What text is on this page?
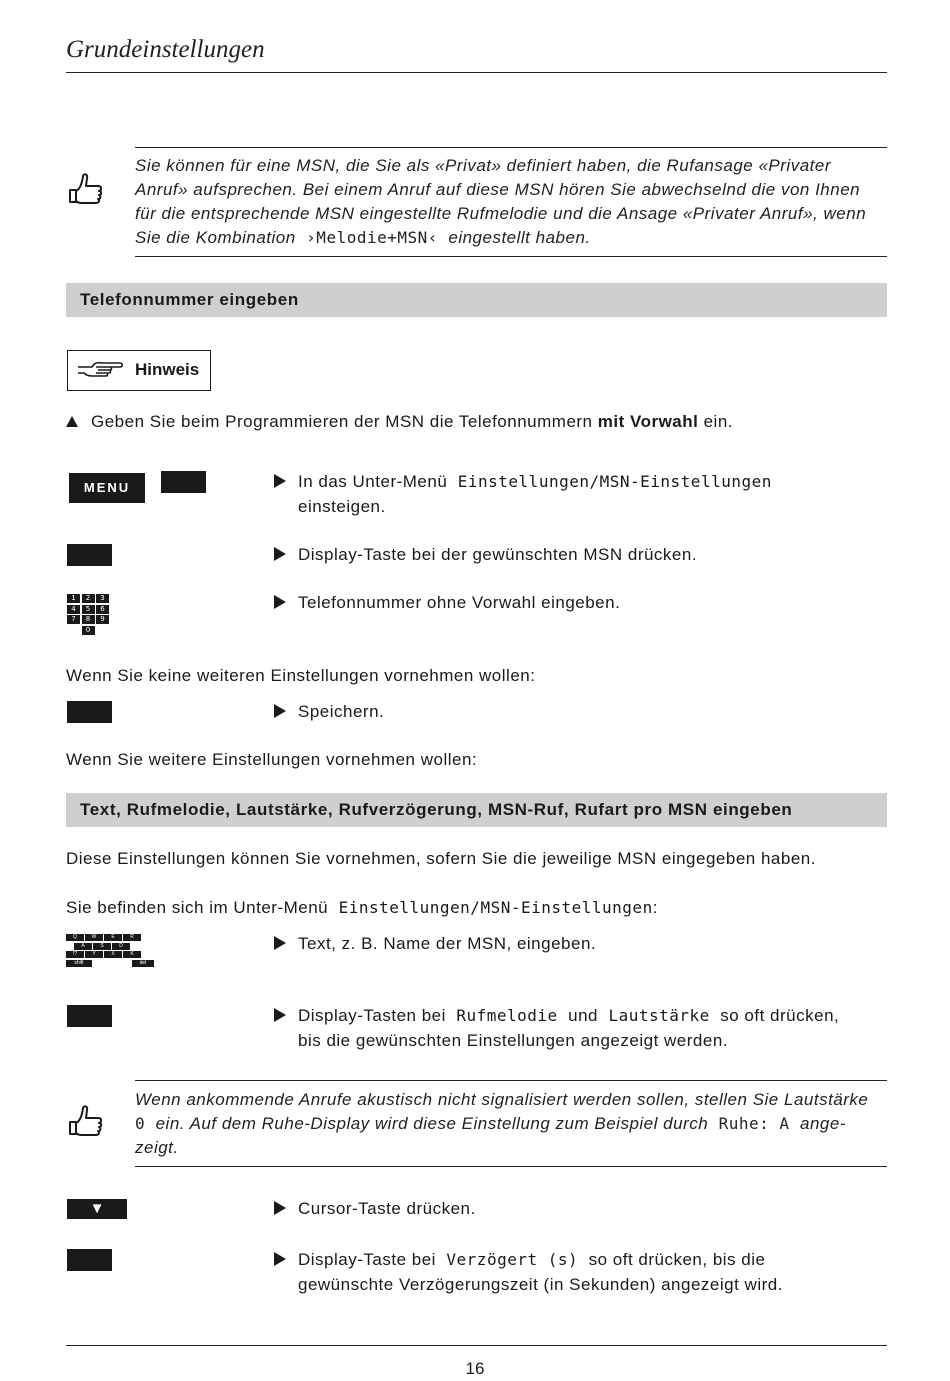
Grundeinstellungen
Sie können für eine MSN, die Sie als «Privat» definiert haben, die Rufansage «Privater
Anruf» aufsprechen. Bei einem Anruf auf diese MSN hören Sie abwechselnd die von Ihnen
für die entsprechende MSN eingestellte Rufmelodie und die Ansage «Privater Anruf», wenn
Sie die Kombination ›Melodie+MSN‹ eingestellt haben.
Telefonnummer eingeben
Hinweis
Geben Sie beim Programmieren der MSN die Telefonnummern mit Vorwahl ein.
MENU	In das Unter-Menü Einstellungen/MSN-Einstellungen
einsteigen.
Display-Taste bei der gewünschten MSN drücken.
1	2	3
4	5	6
7	8	9
0
Telefonnummer ohne Vorwahl eingeben.
Wenn Sie keine weiteren Einstellungen vornehmen wollen:
Speichern.
Wenn Sie weitere Einstellungen vornehmen wollen:
Text, Rufmelodie, Lautstärke, Rufverzögerung, MSN-Ruf, Rufart pro MSN eingeben
Diese Einstellungen können Sie vornehmen, sofern Sie die jeweilige MSN eingegeben haben.
Sie befinden sich im Unter-Menü Einstellungen/MSN-Einstellungen:
Q	W	E	R
A	S	D
!?	Y	X	K
shift	del
Text, z. B. Name der MSN, eingeben.
Display-Tasten bei Rufmelodie und Lautstärke so oft drücken,
bis die gewünschten Einstellungen angezeigt werden.
Wenn ankommende Anrufe akustisch nicht signalisiert werden sollen, stellen Sie Lautstärke
0 ein. Auf dem Ruhe-Display wird diese Einstellung zum Beispiel durch Ruhe: A ange-
zeigt.
▼	Cursor-Taste drücken.
Display-Taste bei Verzögert (s) so oft drücken, bis die
gewünschte Verzögerungszeit (in Sekunden) angezeigt wird.
16
